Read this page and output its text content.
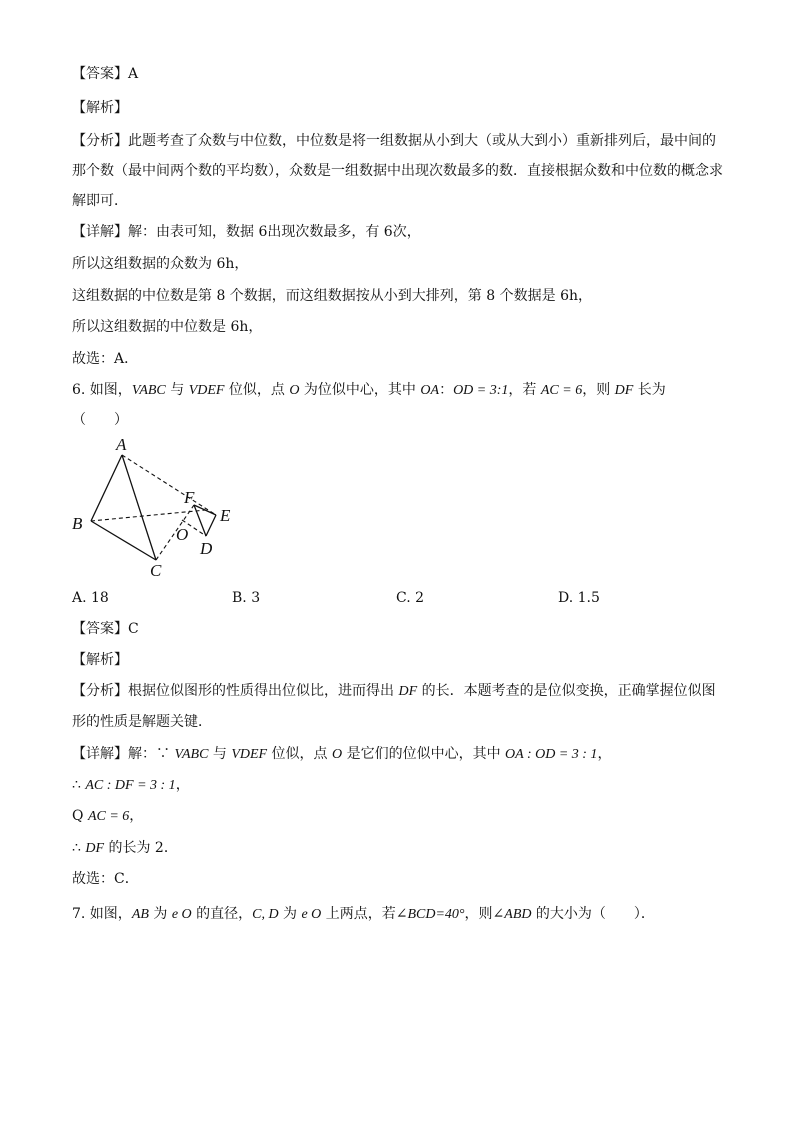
【答案】A
【解析】
【分析】此题考查了众数与中位数，中位数是将一组数据从小到大（或从大到小）重新排列后，最中间的
那个数（最中间两个数的平均数），众数是一组数据中出现次数最多的数．直接根据众数和中位数的概念求
解即可．
【详解】解：由表可知，数据 6出现次数最多，有 6次，
所以这组数据的众数为 6h，
这组数据的中位数是第 8 个数据，而这组数据按从小到大排列，第 8 个数据是 6h，
所以这组数据的中位数是 6h，
故选：A．
6. 如图，VABC 与 VDEF 位似，点 O 为位似中心，其中 OA：OD = 3:1，若 AC = 6，则 DF 长为
（　　）
A
B
C
D
E
F
O
A. 18	B. 3	C. 2	D. 1.5
【答案】C
【解析】
【分析】根据位似图形的性质得出位似比，进而得出 DF 的长．本题考查的是位似变换，正确掌握位似图
形的性质是解题关键．
【详解】解：∵ VABC 与 VDEF 位似，点 O 是它们的位似中心，其中 OA : OD = 3 : 1，
∴ AC : DF = 3 : 1，
Q AC = 6，
∴ DF 的长为 2．
故选：C．
7. 如图，AB 为 e O 的直径，C, D 为 e O 上两点，若∠BCD=40°，则∠ABD 的大小为（　　）．
